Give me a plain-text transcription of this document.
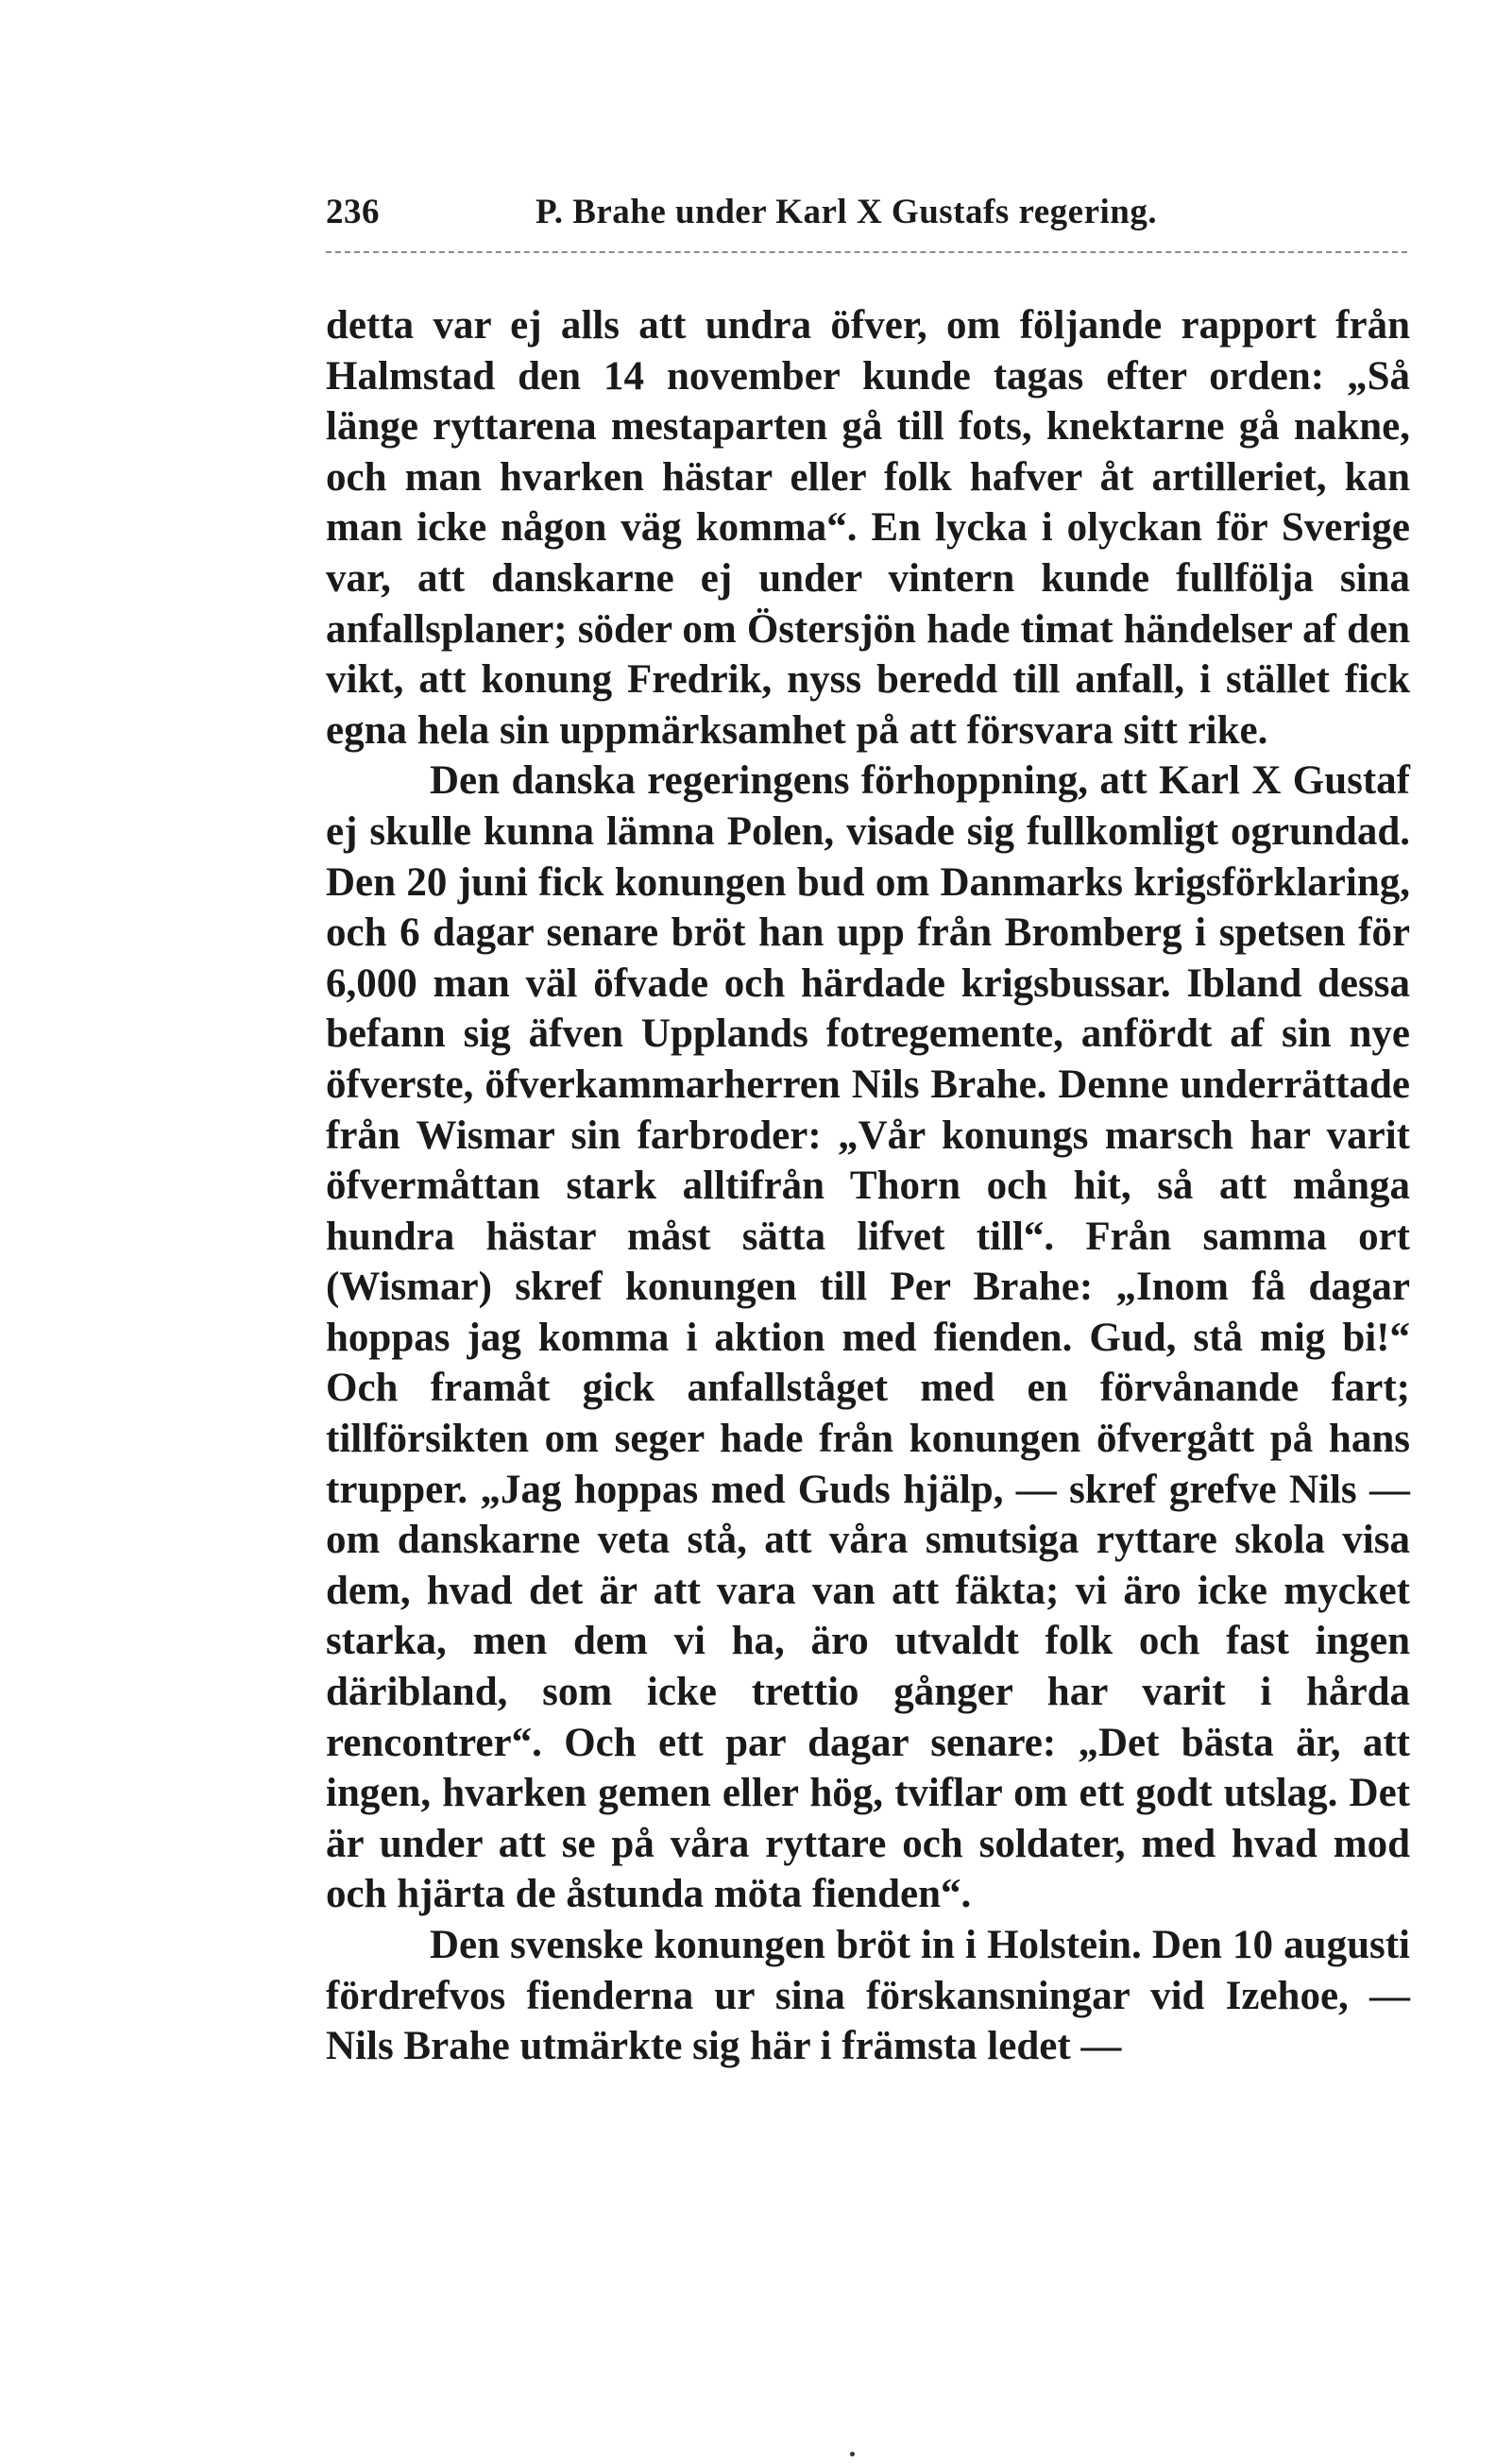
236	P. Brahe under Karl X Gustafs regering.

detta var ej alls att undra öfver, om följande rapport från Halmstad den 14 november kunde tagas efter orden: „Så länge ryttarena mestaparten gå till fots, knektarne gå nakne, och man hvarken hästar eller folk hafver åt artilleriet, kan man icke någon väg komma“. En lycka i olyckan för Sverige var, att danskarne ej under vintern kunde fullfölja sina anfallsplaner; söder om Östersjön hade timat händelser af den vikt, att konung Fredrik, nyss beredd till anfall, i stället fick egna hela sin uppmärksamhet på att försvara sitt rike.

Den danska regeringens förhoppning, att Karl X Gustaf ej skulle kunna lämna Polen, visade sig fullkomligt ogrundad. Den 20 juni fick konungen bud om Danmarks krigsförklaring, och 6 dagar senare bröt han upp från Bromberg i spetsen för 6,000 man väl öfvade och härdade krigsbussar. Ibland dessa befann sig äfven Upplands fotregemente, anfördt af sin nye öfverste, öfverkammarherren Nils Brahe. Denne underrättade från Wismar sin farbroder: „Vår konungs marsch har varit öfvermåttan stark alltifrån Thorn och hit, så att många hundra hästar måst sätta lifvet till“. Från samma ort (Wismar) skref konungen till Per Brahe: „Inom få dagar hoppas jag komma i aktion med fienden. Gud, stå mig bi!“ Och framåt gick anfallståget med en förvånande fart; tillförsikten om seger hade från konungen öfvergått på hans trupper. „Jag hoppas med Guds hjälp, — skref grefve Nils — om danskarne veta stå, att våra smutsiga ryttare skola visa dem, hvad det är att vara van att fäkta; vi äro icke mycket starka, men dem vi ha, äro utvaldt folk och fast ingen däribland, som icke trettio gånger har varit i hårda rencontrer“. Och ett par dagar senare: „Det bästa är, att ingen, hvarken gemen eller hög, tviflar om ett godt utslag. Det är under att se på våra ryttare och soldater, med hvad mod och hjärta de åstunda möta fienden“.

Den svenske konungen bröt in i Holstein. Den 10 augusti fördrefvos fienderna ur sina förskansningar vid Izehoe, — Nils Brahe utmärkte sig här i främsta ledet —
